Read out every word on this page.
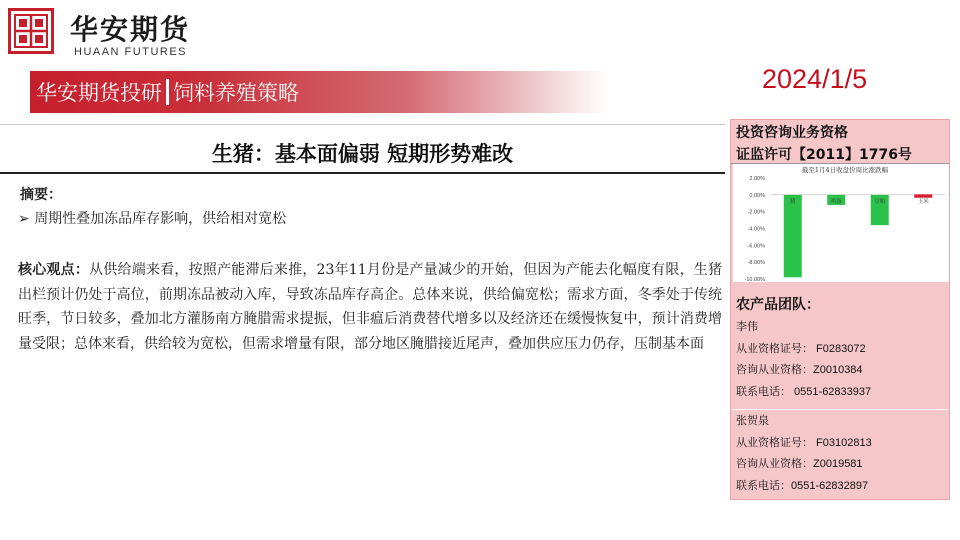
华安期货
HUAAN FUTURES
华安期货投研 饲料养殖策略	2024/1/5
生猪：基本面偏弱 短期形势难改
摘要：
➢ 周期性叠加冻品库存影响，供给相对宽松
核心观点：从供给端来看，按照产能滞后来推，23年11月份是产量减少的开始，但因为产能去化幅度有限，生猪出栏预计仍处于高位，前期冻品被动入库，导致冻品库存高企。总体来说，供给偏宽松；需求方面，冬季处于传统旺季，节日较多，叠加北方灌肠南方腌腊需求提振，但非瘟后消费替代增多以及经济还在缓慢恢复中，预计消费增量受限；总体来看，供给较为宽松，但需求增量有限，部分地区腌腊接近尾声，叠加供应压力仍存，压制基本面
投资咨询业务资格
证监许可【2011】1776号
截至1月4日收盘价周比涨跌幅
2.00%
0.00%
-2.00%
-4.00%
-6.00%
-8.00%
-10.00%
猪	鸡蛋	豆粕	玉米
农产品团队：
李伟
从业资格证号： F0283072
咨询从业资格：Z0010384
联系电话： 0551-62833937
张贺泉
从业资格证号： F03102813
咨询从业资格：Z0019581
联系电话：0551-62832897
